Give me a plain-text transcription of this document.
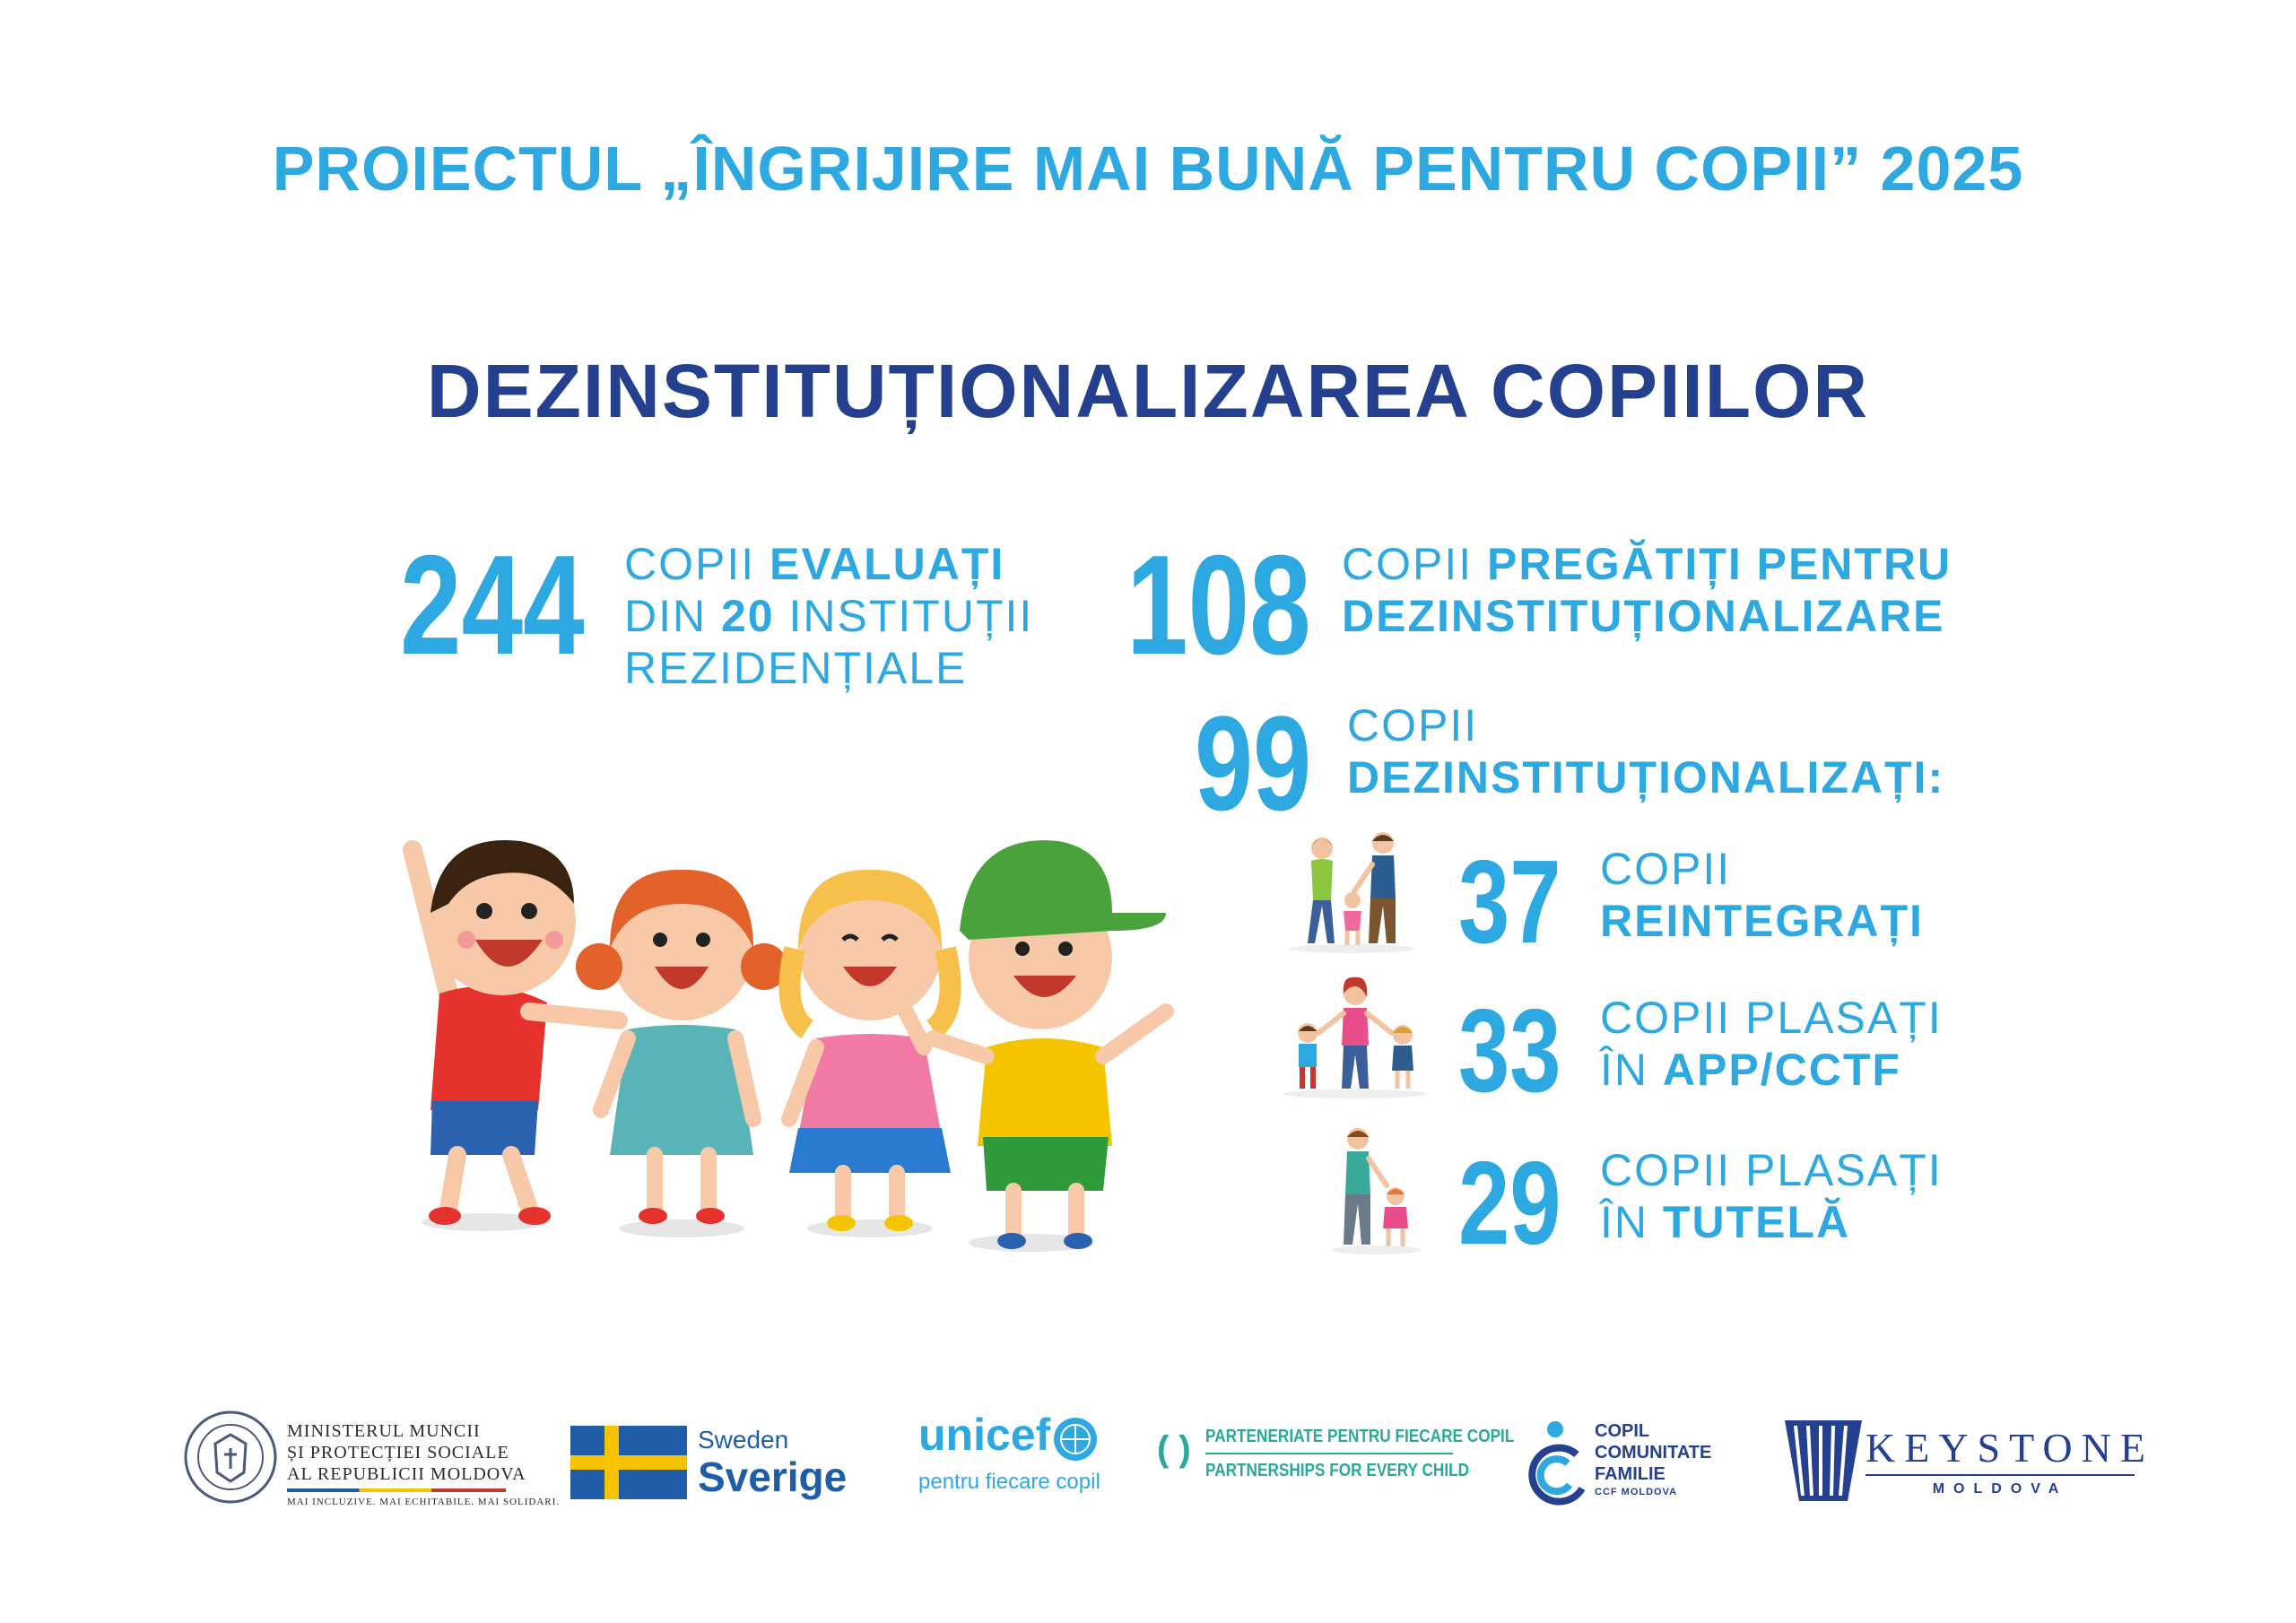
PROIECTUL „ÎNGRIJIRE MAI BUNĂ PENTRU COPII” 2025
DEZINSTITUȚIONALIZAREA COPIILOR
244 COPII EVALUAȚI
DIN 20 INSTITUȚII
REZIDENȚIALE	108 COPII PREGĂTIȚI PENTRU
DEZINSTITUȚIONALIZARE
99 COPII
DEZINSTITUȚIONALIZAȚI:
37 COPII
REINTEGRAȚI
33 COPII PLASAȚI
ÎN APP/CCTF
29 COPII PLASAȚI
ÎN TUTELĂ
MINISTERUL MUNCII
ȘI PROTECȚIEI SOCIALE
AL REPUBLICII MOLDOVA
MAI INCLUZIVE. MAI ECHITABILE. MAI SOLIDARI.
Sweden
Sverige
unicef
pentru fiecare copil
( ) PARTENERIATE PENTRU FIECARE COPIL
PARTNERSHIPS FOR EVERY CHILD
COPIL
COMUNITATE
FAMILIE
CCF MOLDOVA
KEYSTONE
MOLDOVA
